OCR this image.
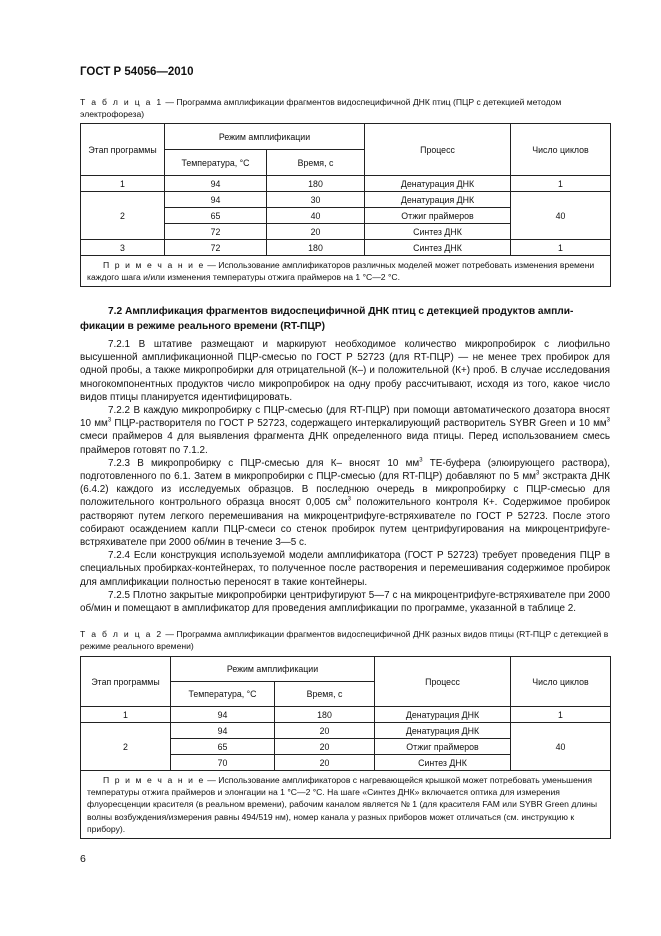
ГОСТ Р 54056—2010
Т а б л и ц а 1 — Программа амплификации фрагментов видоспецифичной ДНК птиц (ПЦР с детекцией методом электрофореза)
Этап программы	Режим амплификации		Процесс	Число циклов
	Температура, °С	Время, с		
1	94	180	Денатурация ДНК	1
2	94	30	Денатурация ДНК	40
	65	40	Отжиг праймеров	
	72	20	Синтез ДНК	
3	72	180	Синтез ДНК	1
П р и м е ч а н и е — Использование амплификаторов различных моделей может потребовать изменения времени каждого шага и/или изменения температуры отжига праймеров на 1 °С—2 °С.				
7.2 Амплификация фрагментов видоспецифичной ДНК птиц с детекцией продуктов ампли-
фикации в режиме реального времени (RT-ПЦР)

7.2.1 В штативе размещают и маркируют необходимое количество микропробирок с лиофильно высушенной амплификационной ПЦР-смесью по ГОСТ Р 52723 (для RT-ПЦР) — не менее трех пробирок для одной пробы, а также микропробирки для отрицательной (К–) и положительной (К+) проб. В случае исследования многокомпонентных продуктов число микропробирок на одну пробу рассчитывают, исходя из того, какое число видов птицы планируется идентифицировать.

7.2.2 В каждую микропробирку с ПЦР-смесью (для RT-ПЦР) при помощи автоматического дозатора вносят 10 $мм^3$ ПЦР-растворителя по ГОСТ Р 52723, содержащего интеркалирующий растворитель SYBR Green и 10 $мм^3$ смеси праймеров 4 для выявления фрагмента ДНК определенного вида птицы. Перед использованием смесь праймеров готовят по 7.1.2.

7.2.3 В микропробирку с ПЦР-смесью для К– вносят 10 $мм^3$ ТЕ-буфера (элюирующего раствора), подготовленного по 6.1. Затем в микропробирки с ПЦР-смесью (для RT-ПЦР) добавляют по 5 $мм^3$ экстракта ДНК (6.4.2) каждого из исследуемых образцов. В последнюю очередь в микропробирку с ПЦР-смесью для положительного контрольного образца вносят 0,005 $см^3$ положительного контроля К+. Содержимое пробирок растворяют путем легкого перемешивания на микроцентрифуге-встряхивателе по ГОСТ Р 52723. После этого собирают осаждением капли ПЦР-смеси со стенок пробирок путем центрифугирования на микроцентрифуге-встряхивателе при 2000 об/мин в течение 3—5 с.

7.2.4 Если конструкция используемой модели амплификатора (ГОСТ Р 52723) требует проведения ПЦР в специальных пробирках-контейнерах, то полученное после растворения и перемешивания содержимое пробирок для амплификации полностью переносят в такие контейнеры.

7.2.5 Плотно закрытые микропробирки центрифугируют 5—7 с на микроцентрифуге-встряхивателе при 2000 об/мин и помещают в амплификатор для проведения амплификации по программе, указанной в таблице 2.

Т а б л и ц а 2 — Программа амплификации фрагментов видоспецифичной ДНК разных видов птицы (RT-ПЦР с детекцией в режиме реального времени)
Этап программы	Режим амплификации		Процесс	Число циклов
	Температура, °С	Время, с		
1	94	180	Денатурация ДНК	1
2	94	20	Денатурация ДНК	40
	65	20	Отжиг праймеров	
	70	20	Синтез ДНК	
П р и м е ч а н и е — Использование амплификаторов с нагревающейся крышкой может потребовать уменьшения температуры отжига праймеров и элонгации на 1 °С—2 °С. На шаге «Синтез ДНК» включается оптика для измерения флуоресценции красителя (в реальном времени), рабочим каналом является № 1 (для красителя FAM или SYBR Green длины волны возбуждения/измерения равны 494/519 нм), номер канала у разных приборов может отличаться (см. инструкцию к прибору).				
6
